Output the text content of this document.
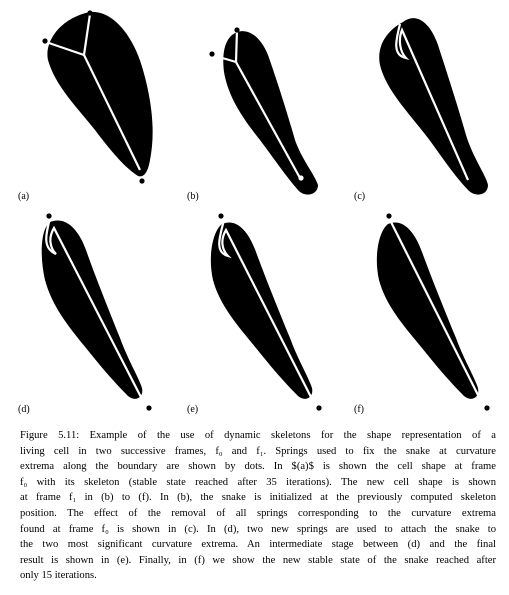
(a)	(b)	(c)
(d)	(e)	(f)
Figure 5.11: Example of the use of dynamic skeletons for the shape representation of a
living cell in two successive frames, f₀ and f₁. Springs used to fix the snake at curvature
extrema along the boundary are shown by dots. In $(a)$ is shown the cell shape at frame
f₀ with its skeleton (stable state reached after 35 iterations). The new cell shape is shown
at frame f₁ in (b) to (f). In (b), the snake is initialized at the previously computed skeleton
position. The effect of the removal of all springs corresponding to the curvature extrema
found at frame f₀ is shown in (c). In (d), two new springs are used to attach the snake to
the two most significant curvature extrema. An intermediate stage between (d) and the final
result is shown in (e). Finally, in (f) we show the new stable state of the snake reached after
only 15 iterations.
